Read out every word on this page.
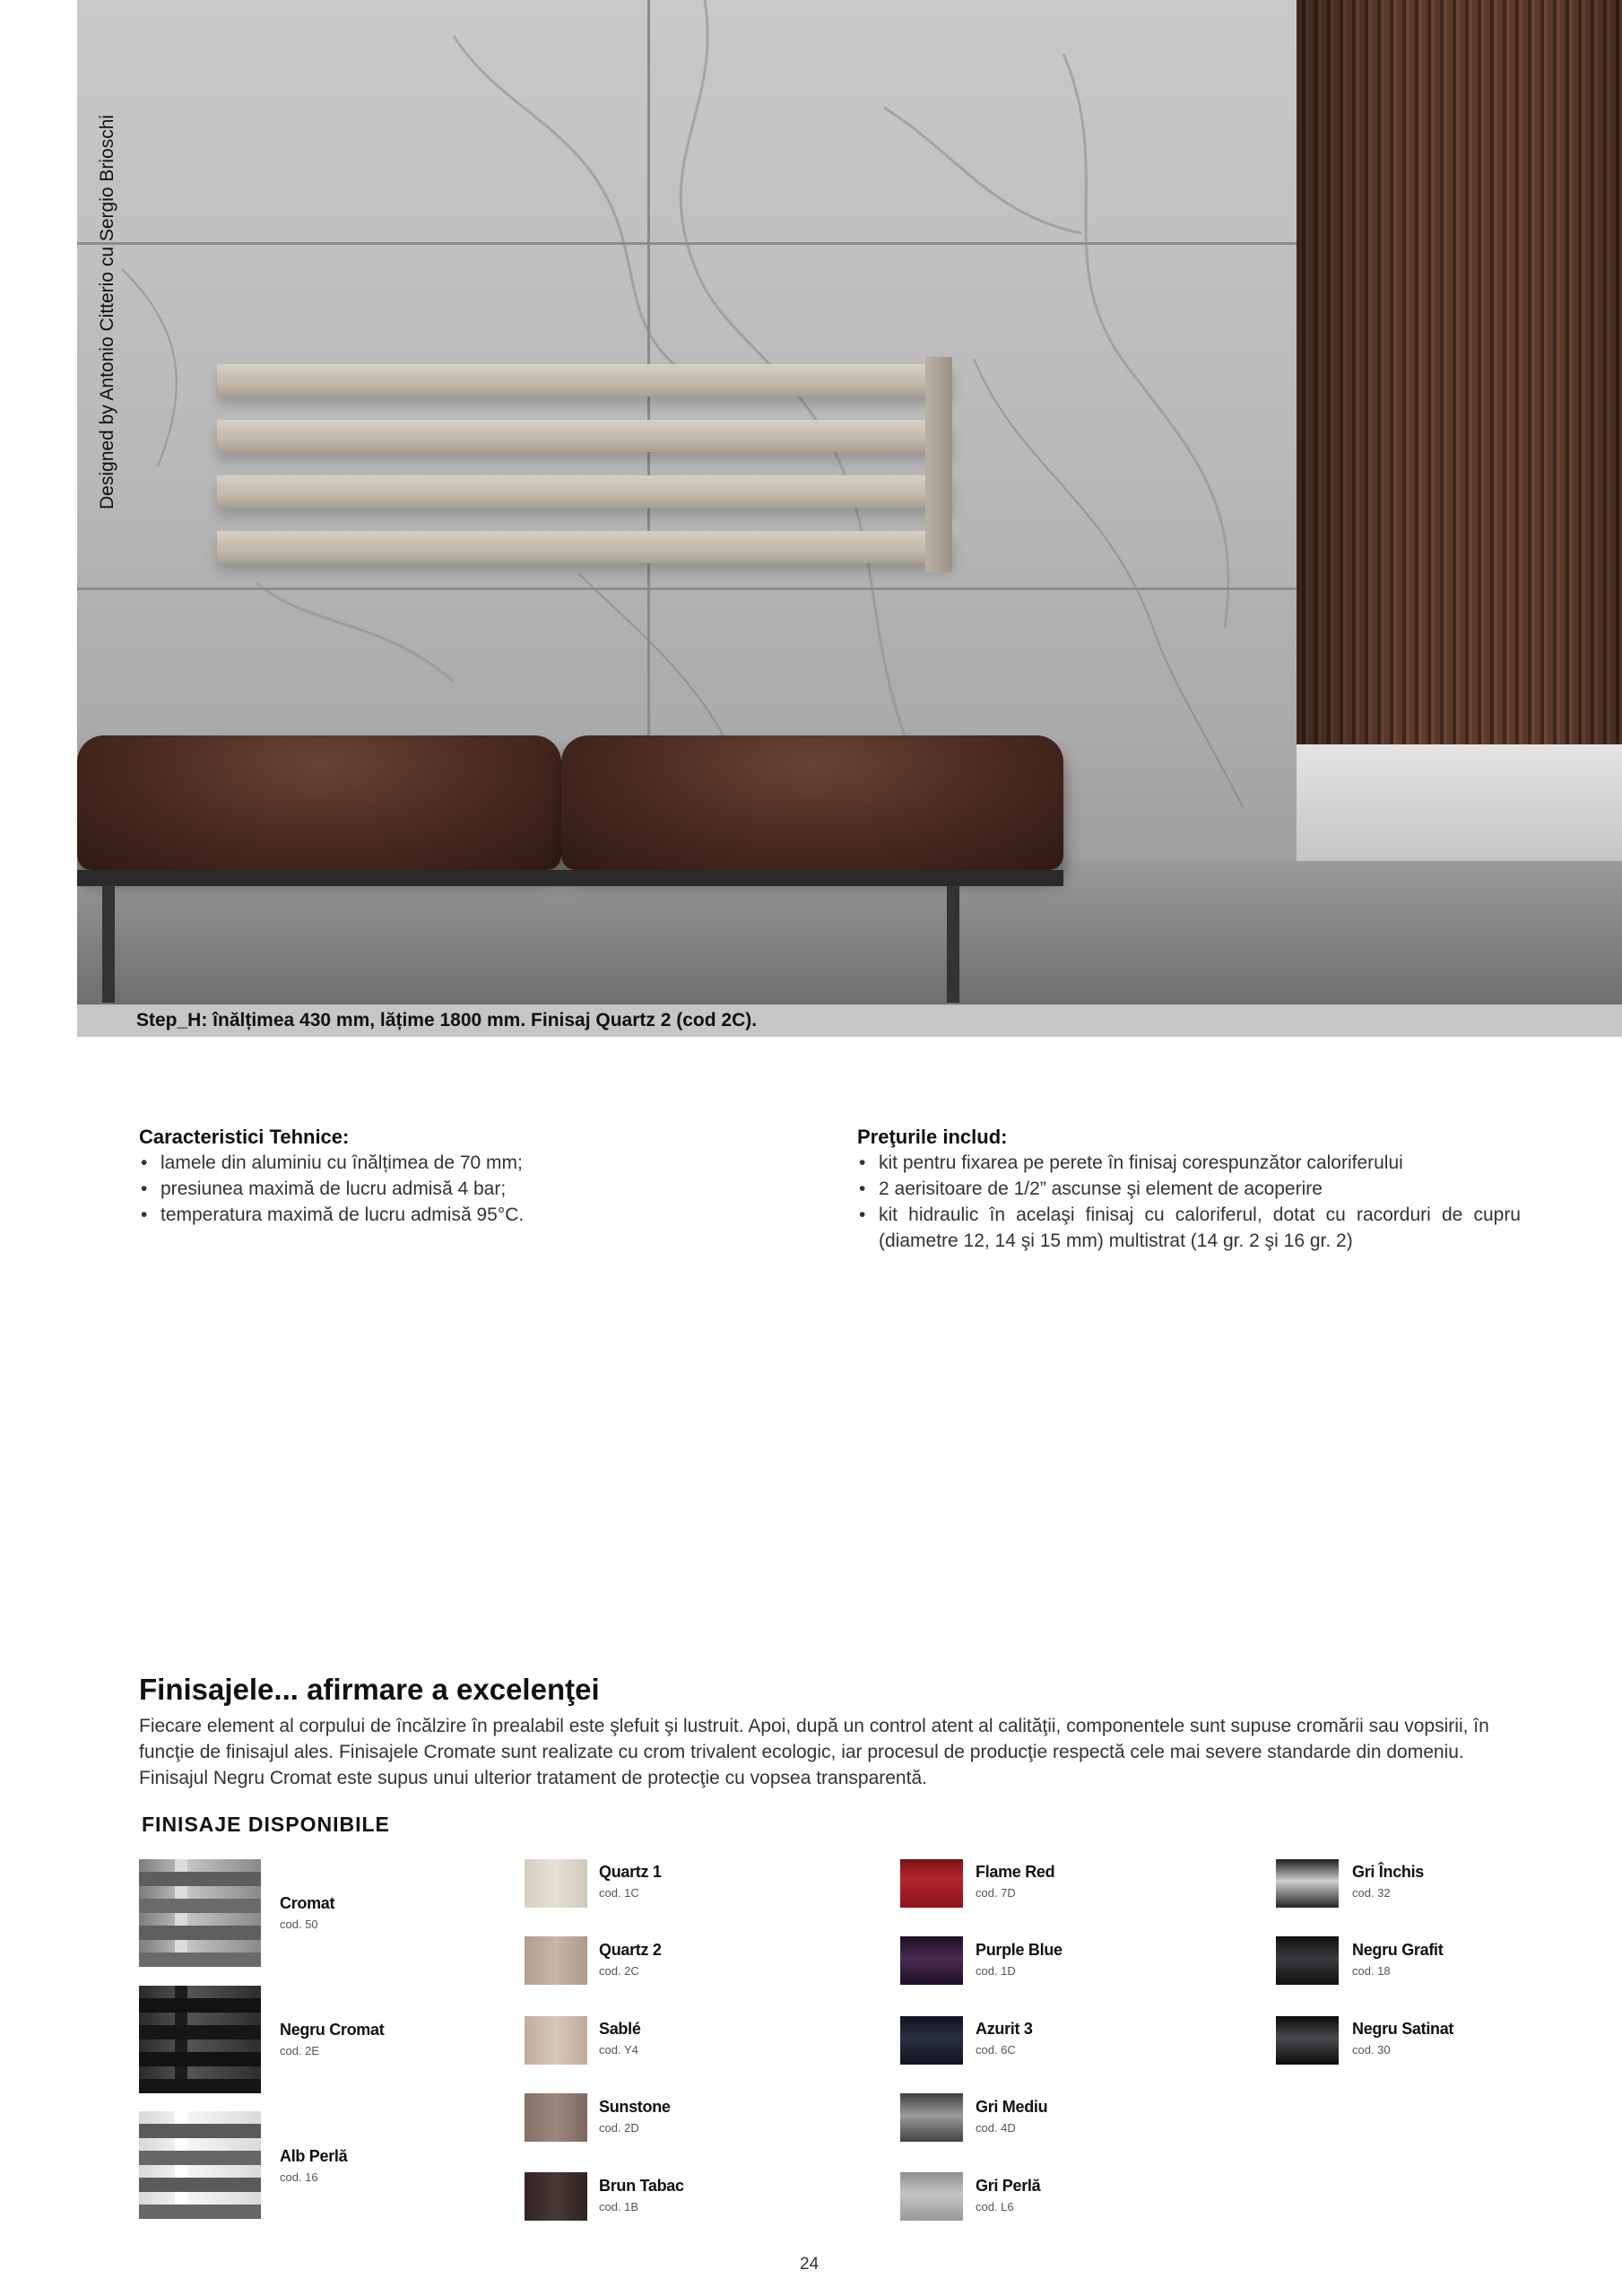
Step_H: înălțimea 430 mm, lățime 1800 mm. Finisaj Quartz 2 (cod 2C).
Designed by Antonio Citterio cu Sergio Brioschi
Caracteristici Tehnice:
• lamele din aluminiu cu înălțimea de 70 mm;
• presiunea maximă de lucru admisă 4 bar;
• temperatura maximă de lucru admisă 95°C.
Preţurile includ:
• kit pentru fixarea pe perete în finisaj corespunzător caloriferului
• 2 aerisitoare de 1/2” ascunse şi element de acoperire
• kit hidraulic în acelaşi finisaj cu caloriferul, dotat cu racorduri de cupru (diametre 12, 14 şi 15 mm) multistrat (14 gr. 2 şi 16 gr. 2)
Finisajele... afirmare a excelenţei
Fiecare element al corpului de încălzire în prealabil este şlefuit şi lustruit. Apoi, după un control atent al calităţii, componentele sunt supuse cromării sau vopsirii, în funcţie de finisajul ales. Finisajele Cromate sunt realizate cu crom trivalent ecologic, iar procesul de producţie respectă cele mai severe standarde din domeniu. Finisajul Negru Cromat este supus unui ulterior tratament de protecţie cu vopsea transparentă.
FINISAJE DISPONIBILE
Cromat
cod. 50
Negru Cromat
cod. 2E
Alb Perlă
cod. 16
Quartz 1
cod. 1C
Quartz 2
cod. 2C
Sablé
cod. Y4
Sunstone
cod. 2D
Brun Tabac
cod. 1B
Flame Red
cod. 7D
Purple Blue
cod. 1D
Azurit 3
cod. 6C
Gri Mediu
cod. 4D
Gri Perlă
cod. L6
Gri Închis
cod. 32
Negru Grafit
cod. 18
Negru Satinat
cod. 30
24
